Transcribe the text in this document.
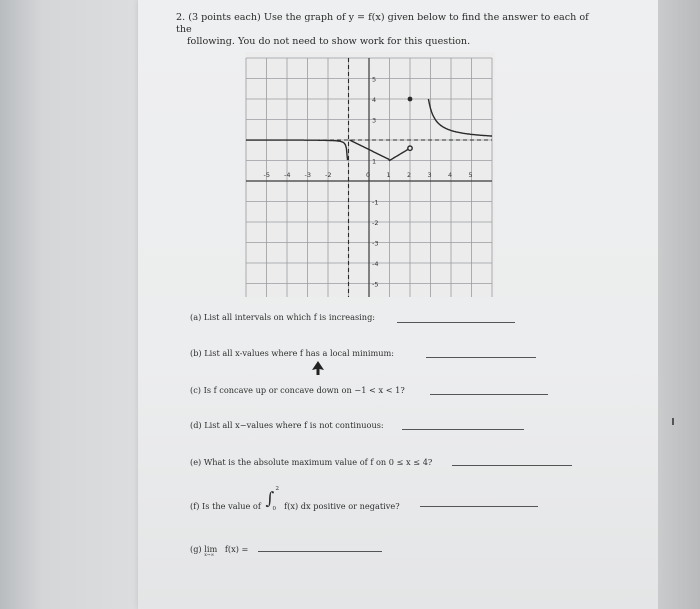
2. (3 points each) Use the graph of y = f(x) given below to find the answer to each of the
following. You do not need to show work for this question.
-5 -4 -3 -2	0	1	2	3	4	5
5
4
3
1
-1
-2
-3
-4
-5
(a) List all intervals on which f is increasing:
(b) List all x-values where f has a local minimum:
(c) Is f concave up or concave down on −1 < x < 1?
(d) List all x−values where f is not continuous:
(e) What is the absolute maximum value of f on 0 ≤ x ≤ 4?
(f) Is the value of ∫ 2
0 f(x) dx positive or negative?
(g) lim
x→∞
f(x) =
